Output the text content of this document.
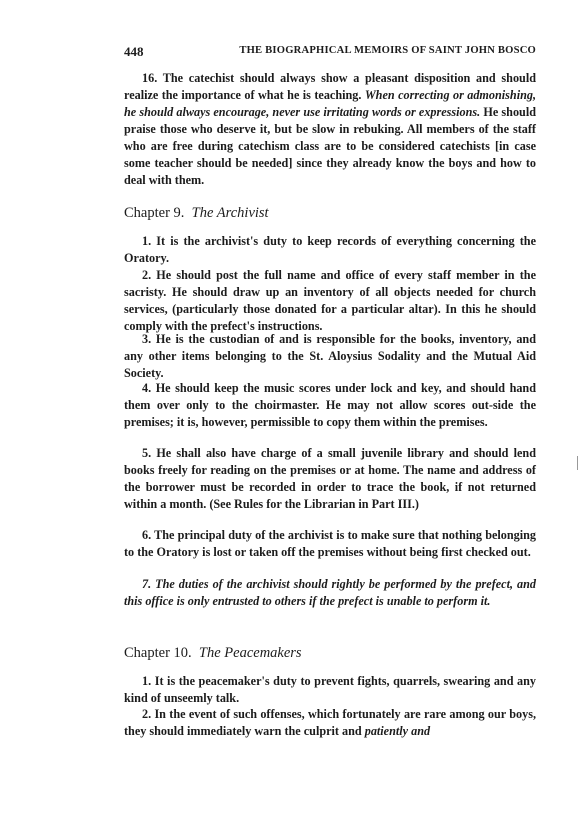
448	THE BIOGRAPHICAL MEMOIRS OF SAINT JOHN BOSCO

16. The catechist should always show a pleasant disposition and should realize the importance of what he is teaching. When correcting or admonishing, he should always encourage, never use irritating words or expressions. He should praise those who deserve it, but be slow in rebuking. All members of the staff who are free during catechism class are to be considered catechists [in case some teacher should be needed] since they already know the boys and how to deal with them.

Chapter 9. The Archivist

1. It is the archivist's duty to keep records of everything concerning the Oratory.

2. He should post the full name and office of every staff member in the sacristy. He should draw up an inventory of all objects needed for church services, (particularly those donated for a particular altar). In this he should comply with the prefect's instructions.

3. He is the custodian of and is responsible for the books, inventory, and any other items belonging to the St. Aloysius Sodality and the Mutual Aid Society.

4. He should keep the music scores under lock and key, and should hand them over only to the choirmaster. He may not allow scores out-side the premises; it is, however, permissible to copy them within the premises.

5. He shall also have charge of a small juvenile library and should lend books freely for reading on the premises or at home. The name and address of the borrower must be recorded in order to trace the book, if not returned within a month. (See Rules for the Librarian in Part III.)

6. The principal duty of the archivist is to make sure that nothing belonging to the Oratory is lost or taken off the premises without being first checked out.

7. The duties of the archivist should rightly be performed by the prefect, and this office is only entrusted to others if the prefect is unable to perform it.

Chapter 10. The Peacemakers

1. It is the peacemaker's duty to prevent fights, quarrels, swearing and any kind of unseemly talk.

2. In the event of such offenses, which fortunately are rare among our boys, they should immediately warn the culprit and patiently and
